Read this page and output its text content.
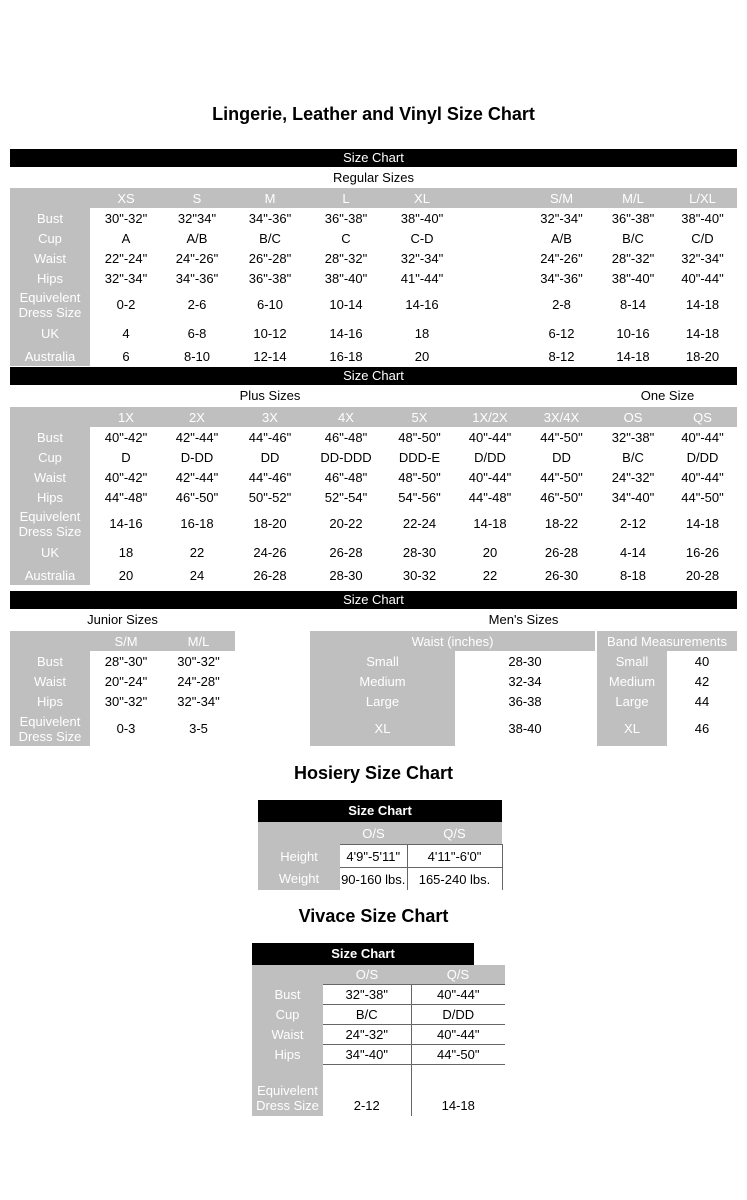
Lingerie, Leather and Vinyl Size Chart
Size Chart
Regular Sizes
	XS	S	M	L	XL		S/M	M/L	L/XL
Bust	30"-32"	32"34"	34"-36"	36"-38"	38"-40"		32"-34"	36"-38"	38"-40"
Cup	A	A/B	B/C	C	C-D		A/B	B/C	C/D
Waist	22"-24"	24"-26"	26"-28"	28"-32"	32"-34"		24"-26"	28"-32"	32"-34"
Hips	32"-34"	34"-36"	36"-38"	38"-40"	41"-44"		34"-36"	38"-40"	40"-44"
Equivelent Dress Size	0-2	2-6	6-10	10-14	14-16		2-8	8-14	14-18
UK	4	6-8	10-12	14-16	18		6-12	10-16	14-18
Australia	6	8-10	12-14	16-18	20		8-12	14-18	18-20
Size Chart
Plus Sizes	One Size
	1X	2X	3X	4X	5X	1X/2X	3X/4X	OS	QS
Bust	40"-42"	42"-44"	44"-46"	46"-48"	48"-50"	40"-44"	44"-50"	32"-38"	40"-44"
Cup	D	D-DD	DD	DD-DDD	DDD-E	D/DD	DD	B/C	D/DD
Waist	40"-42"	42"-44"	44"-46"	46"-48"	48"-50"	40"-44"	44"-50"	24"-32"	40"-44"
Hips	44"-48"	46"-50"	50"-52"	52"-54"	54"-56"	44"-48"	46"-50"	34"-40"	44"-50"
Equivelent Dress Size	14-16	16-18	18-20	20-22	22-24	14-18	18-22	2-12	14-18
UK	18	22	24-26	26-28	28-30	20	26-28	4-14	16-26
Australia	20	24	26-28	28-30	30-32	22	26-30	8-18	20-28
Size Chart
Junior Sizes	Men's Sizes
	S/M	M/L
Bust	28"-30"	30"-32"
Waist	20"-24"	24"-28"
Hips	30"-32"	32"-34"
Equivelent Dress Size	0-3	3-5
Waist (inches)	
Small	28-30
Medium	32-34
Large	36-38
XL	38-40
Band Measurements	
Small	40
Medium	42
Large	44
XL	46
Hosiery Size Chart
Size Chart
	O/S	Q/S
Height	4'9"-5'11"	4'11"-6'0"
Weight	90-160 lbs.	165-240 lbs.
Vivace Size Chart
Size Chart
	O/S	Q/S
Bust	32"-38"	40"-44"
Cup	B/C	D/DD
Waist	24"-32"	40"-44"
Hips	34"-40"	44"-50"
Equivelent Dress Size	2-12	14-18
